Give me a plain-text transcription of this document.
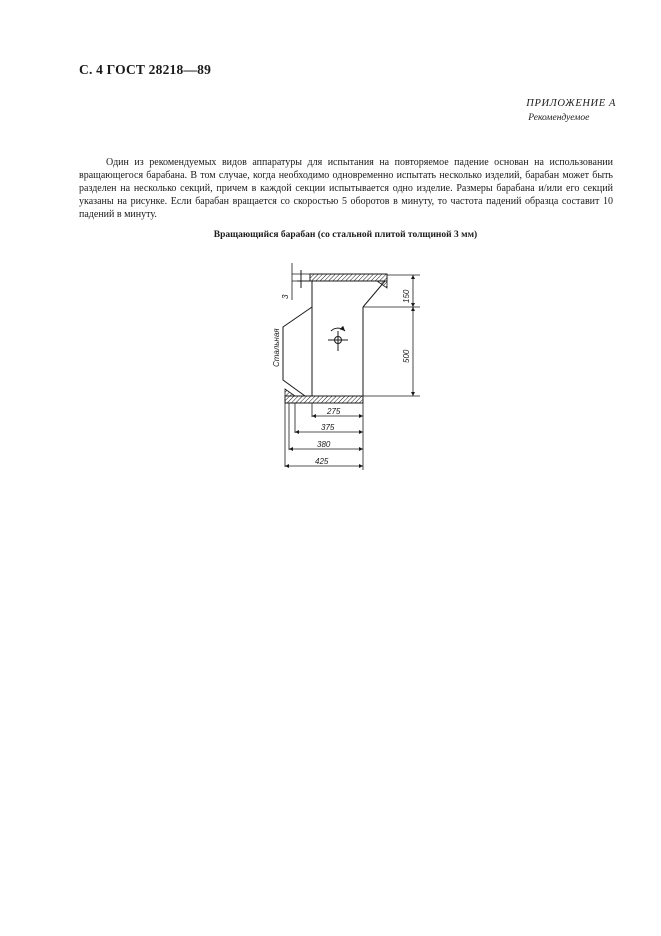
С. 4 ГОСТ 28218—89
ПРИЛОЖЕНИЕ А
Рекомендуемое

Один из рекомендуемых видов аппаратуры для испытания на повторяемое падение основан на использовании вращающегося барабана. В том случае, когда необходимо одновременно испытать несколько изделий, барабан может быть разделен на несколько секций, причем в каждой секции испытывается одно изделие. Размеры барабана и/или его секций указаны на рисунке. Если барабан вращается со скоростью 5 оборотов в минуту, то частота падений образца составит 10 падений в минуту.

Вращающийся барабан (со стальной плитой толщиной 3 мм)
Стальная
3	150
500
275
375
380
425
